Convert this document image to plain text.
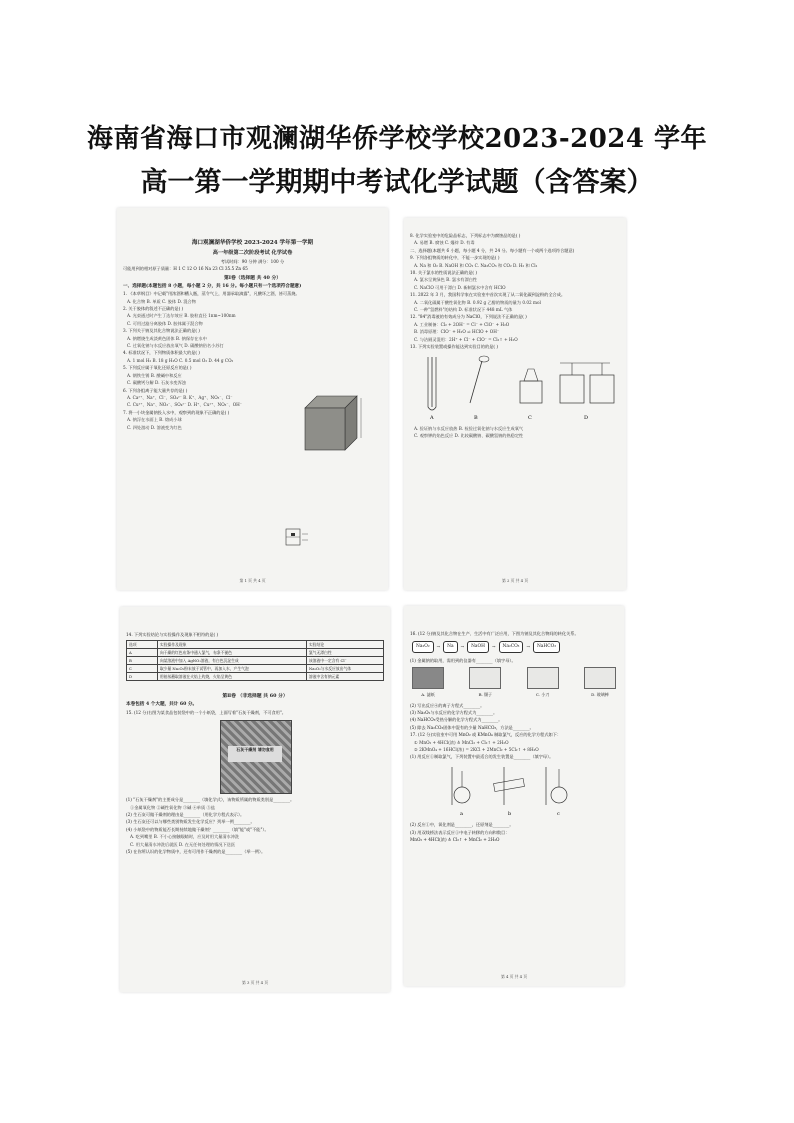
海南省海口市观澜湖华侨学校学校2023-2024 学年
高一第一学期期中考试化学试题（含答案）
海口观澜湖华侨学校 2023-2024 学年第一学期
高一年级第二次阶段考试 化学试卷
考试时间：90 分钟 满分：100 分
可能用到的相对原子质量：H 1 C 12 O 16 Na 23 Cl 35.5 Zn 65
第Ⅰ卷（选择题 共 40 分）
一、选择题(本题包括 8 小题，每小题 2 分，共 16 分。每小题只有一个选项符合题意)
1. 《本草纲目》中记载"用浓酒和糟入甑，蒸令气上，用器承取滴露"，凡酸坏之酒，皆可蒸烧。
A. 化合物 B. 单质 C. 胶体 D. 混合物
2. 关于胶体的叙述不正确的是( )
A. 光束通过时产生丁达尔效应 B. 胶粒直径 1nm~100nm
C. 可用过滤分离胶体 D. 胶体属于混合物
3. 下列关于钠及其化合物说法正确的是( )
A. 钠燃烧生成淡黄色固体 B. 钠保存在水中
C. 过氧化钠与水反应放出氧气 D. 碳酸钠俗名小苏打
4. 标准状况下，下列物质体积最大的是( )
A. 1 mol H₂ B. 18 g H₂O C. 0.5 mol O₂ D. 44 g CO₂
5. 下列反应属于氧化还原反应的是( )
A. 钢铁生锈 B. 酸碱中和反应
C. 碳酸钙分解 D. 石灰水变浑浊
6. 下列各组离子能大量共存的是( )
A. Ca²⁺、Na⁺、Cl⁻、SO₄²⁻ B. K⁺、Ag⁺、NO₃⁻、Cl⁻
C. Cu²⁺、Na⁺、NO₃⁻、SO₄²⁻ D. H⁺、Cu²⁺、NO₃⁻、OH⁻
7. 将一小块金属钠投入水中，观察到的现象不正确的是( )
A. 钠浮在水面上 B. 熔成小球
C. 四处游动 D. 溶液变为红色
第 1 页 共 4 页
8. 化学实验室中的危险品标志，下列标志中为腐蚀品的是( )
A. 易燃 B. 腐蚀 C. 爆炸 D. 有毒
二、选择题(本题共 6 小题，每小题 4 分，共 24 分。每小题有一个或两个选项符合题意)
9. 下列各组物质的转化中，不能一步实现的是( )
A. Na 和 O₂ B. NaOH 和 CO₂ C. Na₂CO₃ 和 CO₂ D. H₂ 和 Cl₂
10. 关于氯水的性质说法正确的是( )
A. 氯水呈黄绿色 B. 氯水有漂白性
C. NaClO 可用于漂白 D. 新制氯水中含有 HClO
11. 2022 年 3 月，我国科学家在实验室中首次实现了从二氧化碳到淀粉的全合成。
A. 二氧化碳属于酸性氧化物 B. 0.92 g 乙醇的物质的量为 0.02 mol
C. 一种"氢燃料"的结构 D. 标准状况下 448 mL 气体
12. "84"消毒液的有效成分为 NaClO，下列说法不正确的是( )
A. 工业制备：Cl₂ + 2OH⁻ = Cl⁻ + ClO⁻ + H₂O
B. 消毒原理：ClO⁻ + H₂O ⇌ HClO + OH⁻
C. 与洁厕灵混用：2H⁺ + Cl⁻ + ClO⁻ = Cl₂↑ + H₂O
13. 下列实验装置或操作能达到实验目的的是( )
A	B	C	D
A. 验证钠与水反应放热 B. 检验过氧化钠与水反应生成氧气
C. 观察钾的焰色反应 D. 比较碳酸钠、碳酸氢钠的热稳定性
第 2 页 共 4 页
14. 下列实验结论与实验操作及现象不相符的是( )
选项	实验操作及现象	实验结论
A	向干燥的红色布条中通入氯气，布条不褪色	氯气无漂白性
B	向某溶液中加入 AgNO₃溶液，有白色沉淀生成	该溶液中一定含有 Cl⁻
C	取少量 Na₂O₂粉末放于试管中，再加入水，产生气泡	Na₂O₂与水反应放出气体
D	用铂丝蘸取溶液在火焰上灼烧，火焰呈黄色	溶液中含有钠元素
第Ⅱ卷 （非选择题 共 60 分）
本卷包括 4 个大题，共计 60 分。
15. (12 分)右图为某食品包装袋中的一个小纸袋，上面写着"石灰干燥剂，不可食用"。
石灰干燥剂 请勿食用
(1) "石灰干燥剂"的主要成分是________（填化学式），该物质所属的物质类别是________。
①金属氧化物 ②碱性氧化物 ③碱 ④单质 ⑤盐
(2) 生石灰可做干燥剂的理由是________（用化学方程式表示）。
(3) 生石灰还可以与哪些类别物质发生化学反应？列举一例________。
(4) 小纸袋中的物质能否长期持续地做干燥剂？________（填"能"或"不能"）。
A. 吃到嘴里 B. 不小心接触眼睛时，应及时用大量清水冲洗
C. 用大量清水冲洗后就医 D. 在无任何处理的情况下送医
(5) 在你所认识的化学物质中，还有可用作干燥剂的是________（举一例）。
第 3 页 共 4 页
16. (12 分)钠及其化合物在生产、生活中有广泛应用，下图为钠及其化合物间的转化关系。
Na₂O₂	→	Na	→	NaOH	→	Na₂CO₃	→	NaHCO₃
(1) 金属钠的取用，需用到的仪器有________（填字母）。
A. 滤纸	B. 镊子	C. 小刀	D. 玻璃棒
(2) 写出反应④的离子方程式________。
(3) Na₂O₂与水反应的化学方程式为________。
(4) NaHCO₃受热分解的化学方程式为________。
(5) 除去 Na₂CO₃固体中混有的少量 NaHCO₃，方法是________。
17. (12 分)实验室中可用 MnO₂ 或 KMnO₄ 制取氯气，反应的化学方程式如下：
① MnO₂ + 4HCl(浓) ≜ MnCl₂ + Cl₂↑ + 2H₂O
② 2KMnO₄ + 16HCl(浓) = 2KCl + 2MnCl₂ + 5Cl₂↑ + 8H₂O
(1) 用反应①制取氯气，下列装置中最适合的发生装置是________（填字母）。
a	b	c
(2) 反应①中，氧化剂是________，还原剂是________。
(3) 用双线桥法表示反应①中电子转移的方向和数目：
MnO₂ + 4HCl(浓) ≜ Cl₂↑ + MnCl₂ + 2H₂O
第 4 页 共 4 页
